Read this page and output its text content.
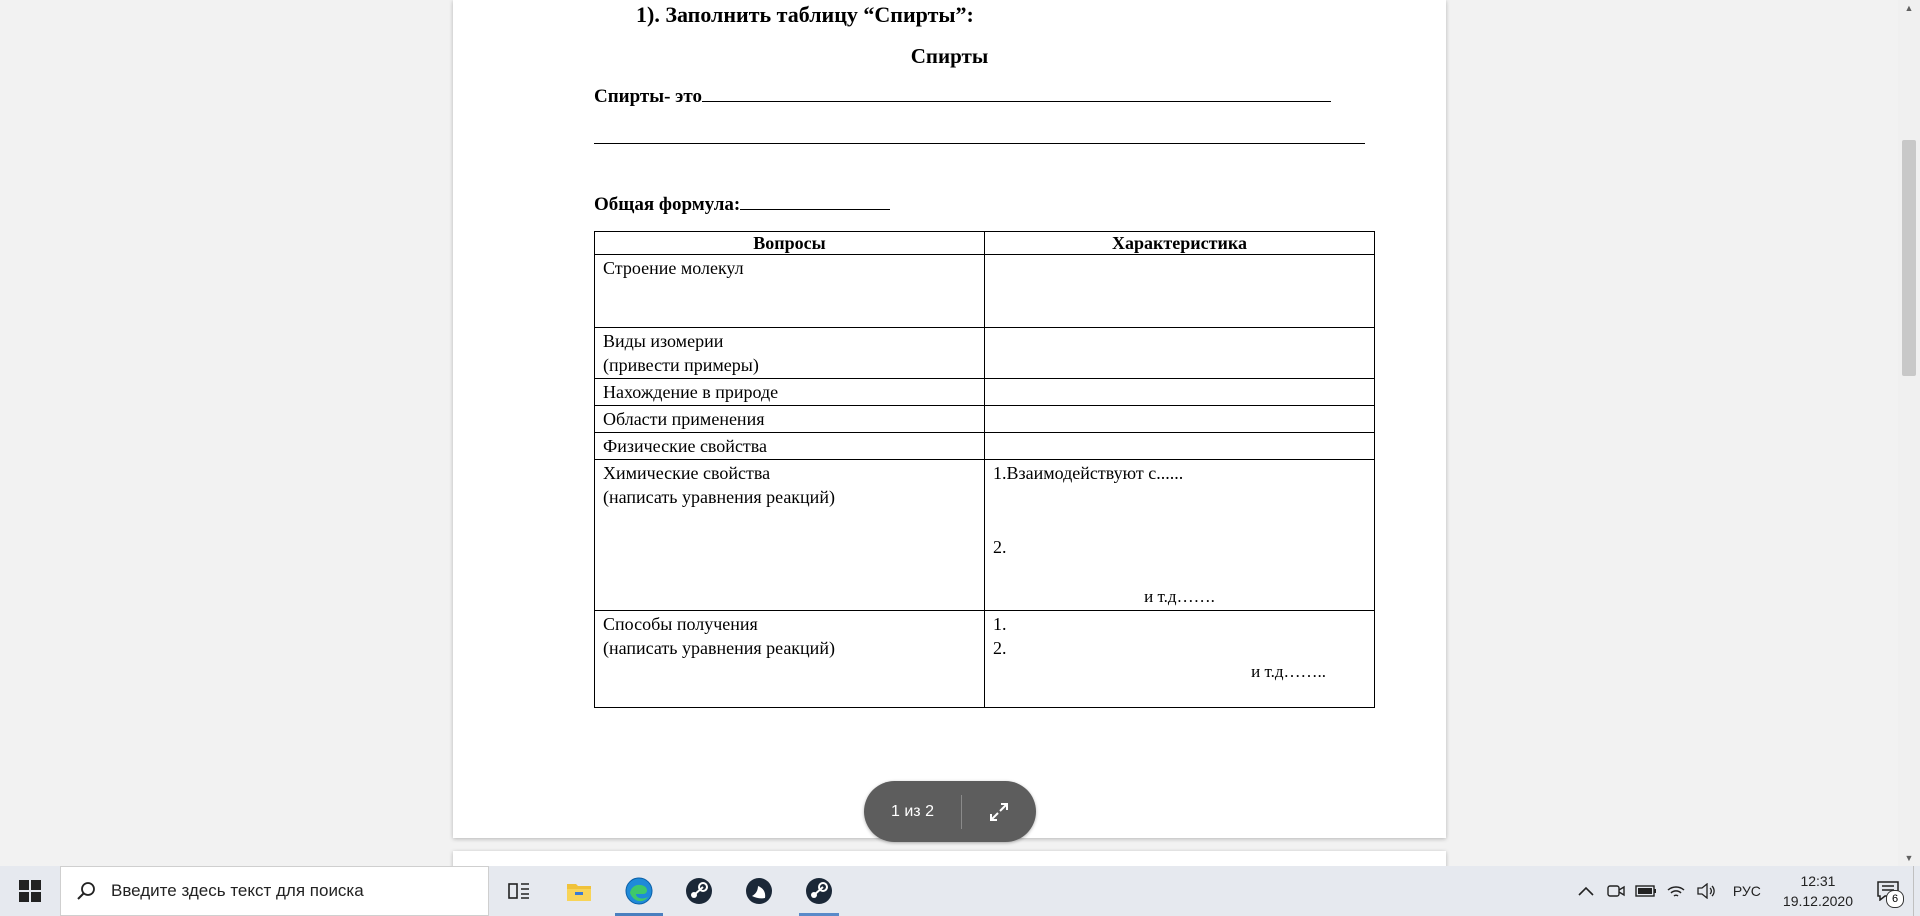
1). Заполнить таблицу “Спирты”:
Спирты
Спирты- это
Общая формула:
Вопросы	Характеристика

Строение молекул	

Виды изомерии
(привести примеры)	

Нахождение в природе	

Области применения	

Физические свойства	

Химические свойства
(написать уравнения реакций)	1.Взаимодействуют с......
2.
и т.д…….

Способы получения
(написать уравнения реакций)	1.
2.
и т.д……..
1 из 2
▲
▼
Введите здесь текст для поиска	РУС
12:31
19.12.2020	6
